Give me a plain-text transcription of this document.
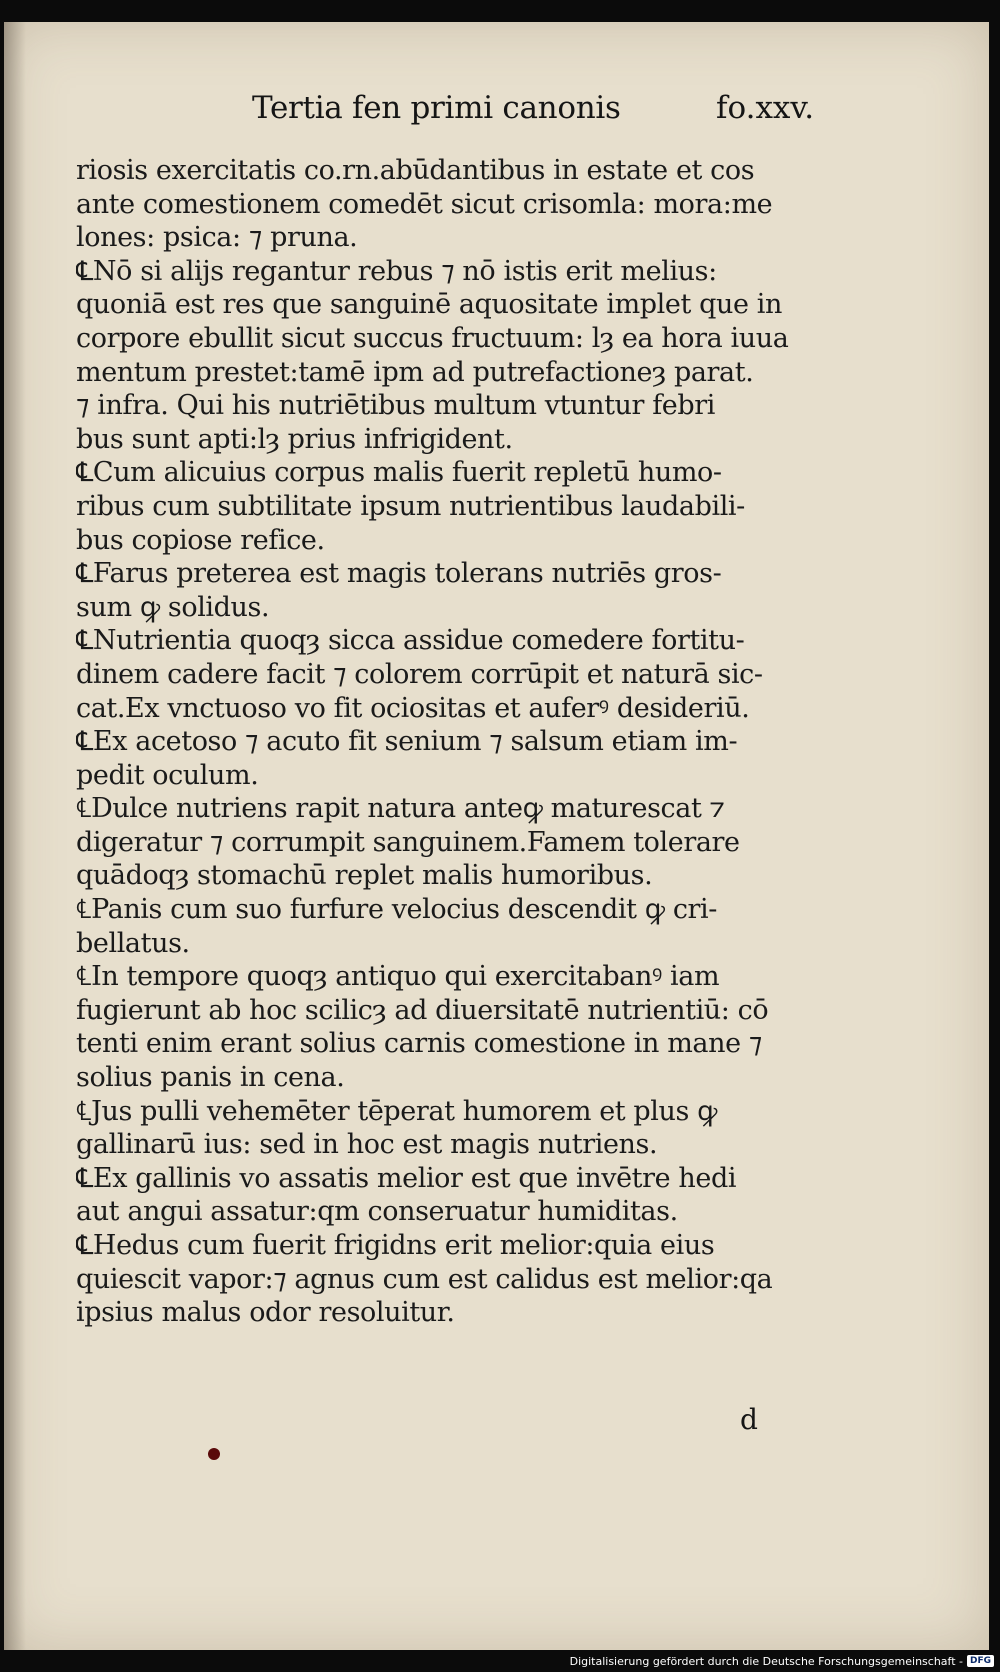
Tertia fen primi canonis	fo.xxv.
riosis exercitatis co.rn.abūdantibus in estate et cos
ante comestionem comedēt sicut crisomla: mora:me
lones: psica: ⁊ pruna.
℄Nō si alijs regantur rebus ⁊ nō istis erit melius:
quoniā est res que sanguinē aquositate implet que in
corpore ebullit sicut succus fructuum: lȝ ea hora iuua
mentum prestet:tamē ipm ad putrefactioneȝ parat.
⁊ infra. Qui his nutriētibus multum vtuntur febri
bus sunt apti:lȝ prius infrigident.
℄Cum alicuius corpus malis fuerit repletū humo-
ribus cum subtilitate ipsum nutrientibus laudabili-
bus copiose refice.
℄Farus preterea est magis tolerans nutriēs gros-
sum ꝙ solidus.
℄Nutrientia quoqȝ sicca assidue comedere fortitu-
dinem cadere facit ⁊ colorem corrūpit et naturā sic-
cat.Ex vnctuoso vo fit ociositas et auferꝰ desideriū.
℄Ex acetoso ⁊ acuto fit senium ⁊ salsum etiam im-
pedit oculum.
℄Dulce nutriens rapit natura anteꝙ maturescat ⁊
digeratur ⁊ corrumpit sanguinem.Famem tolerare
quādoqȝ stomachū replet malis humoribus.
℄Panis cum suo furfure velocius descendit ꝙ cri-
bellatus.
℄In tempore quoqȝ antiquo qui exercitabanꝰ iam
fugierunt ab hoc scilicȝ ad diuersitatē nutrientiū: cō
tenti enim erant solius carnis comestione in mane ⁊
solius panis in cena.
℄Jus pulli vehemēter tēperat humorem et plus ꝙ
gallinarū ius: sed in hoc est magis nutriens.
℄Ex gallinis vo assatis melior est que invētre hedi
aut angui assatur:qm conseruatur humiditas.
℄Hedus cum fuerit frigidns erit melior:quia eius
quiescit vapor:⁊ agnus cum est calidus est melior:qa
ipsius malus odor resoluitur.
d
Digitalisierung gefördert durch die Deutsche Forschungsgemeinschaft - DFG
